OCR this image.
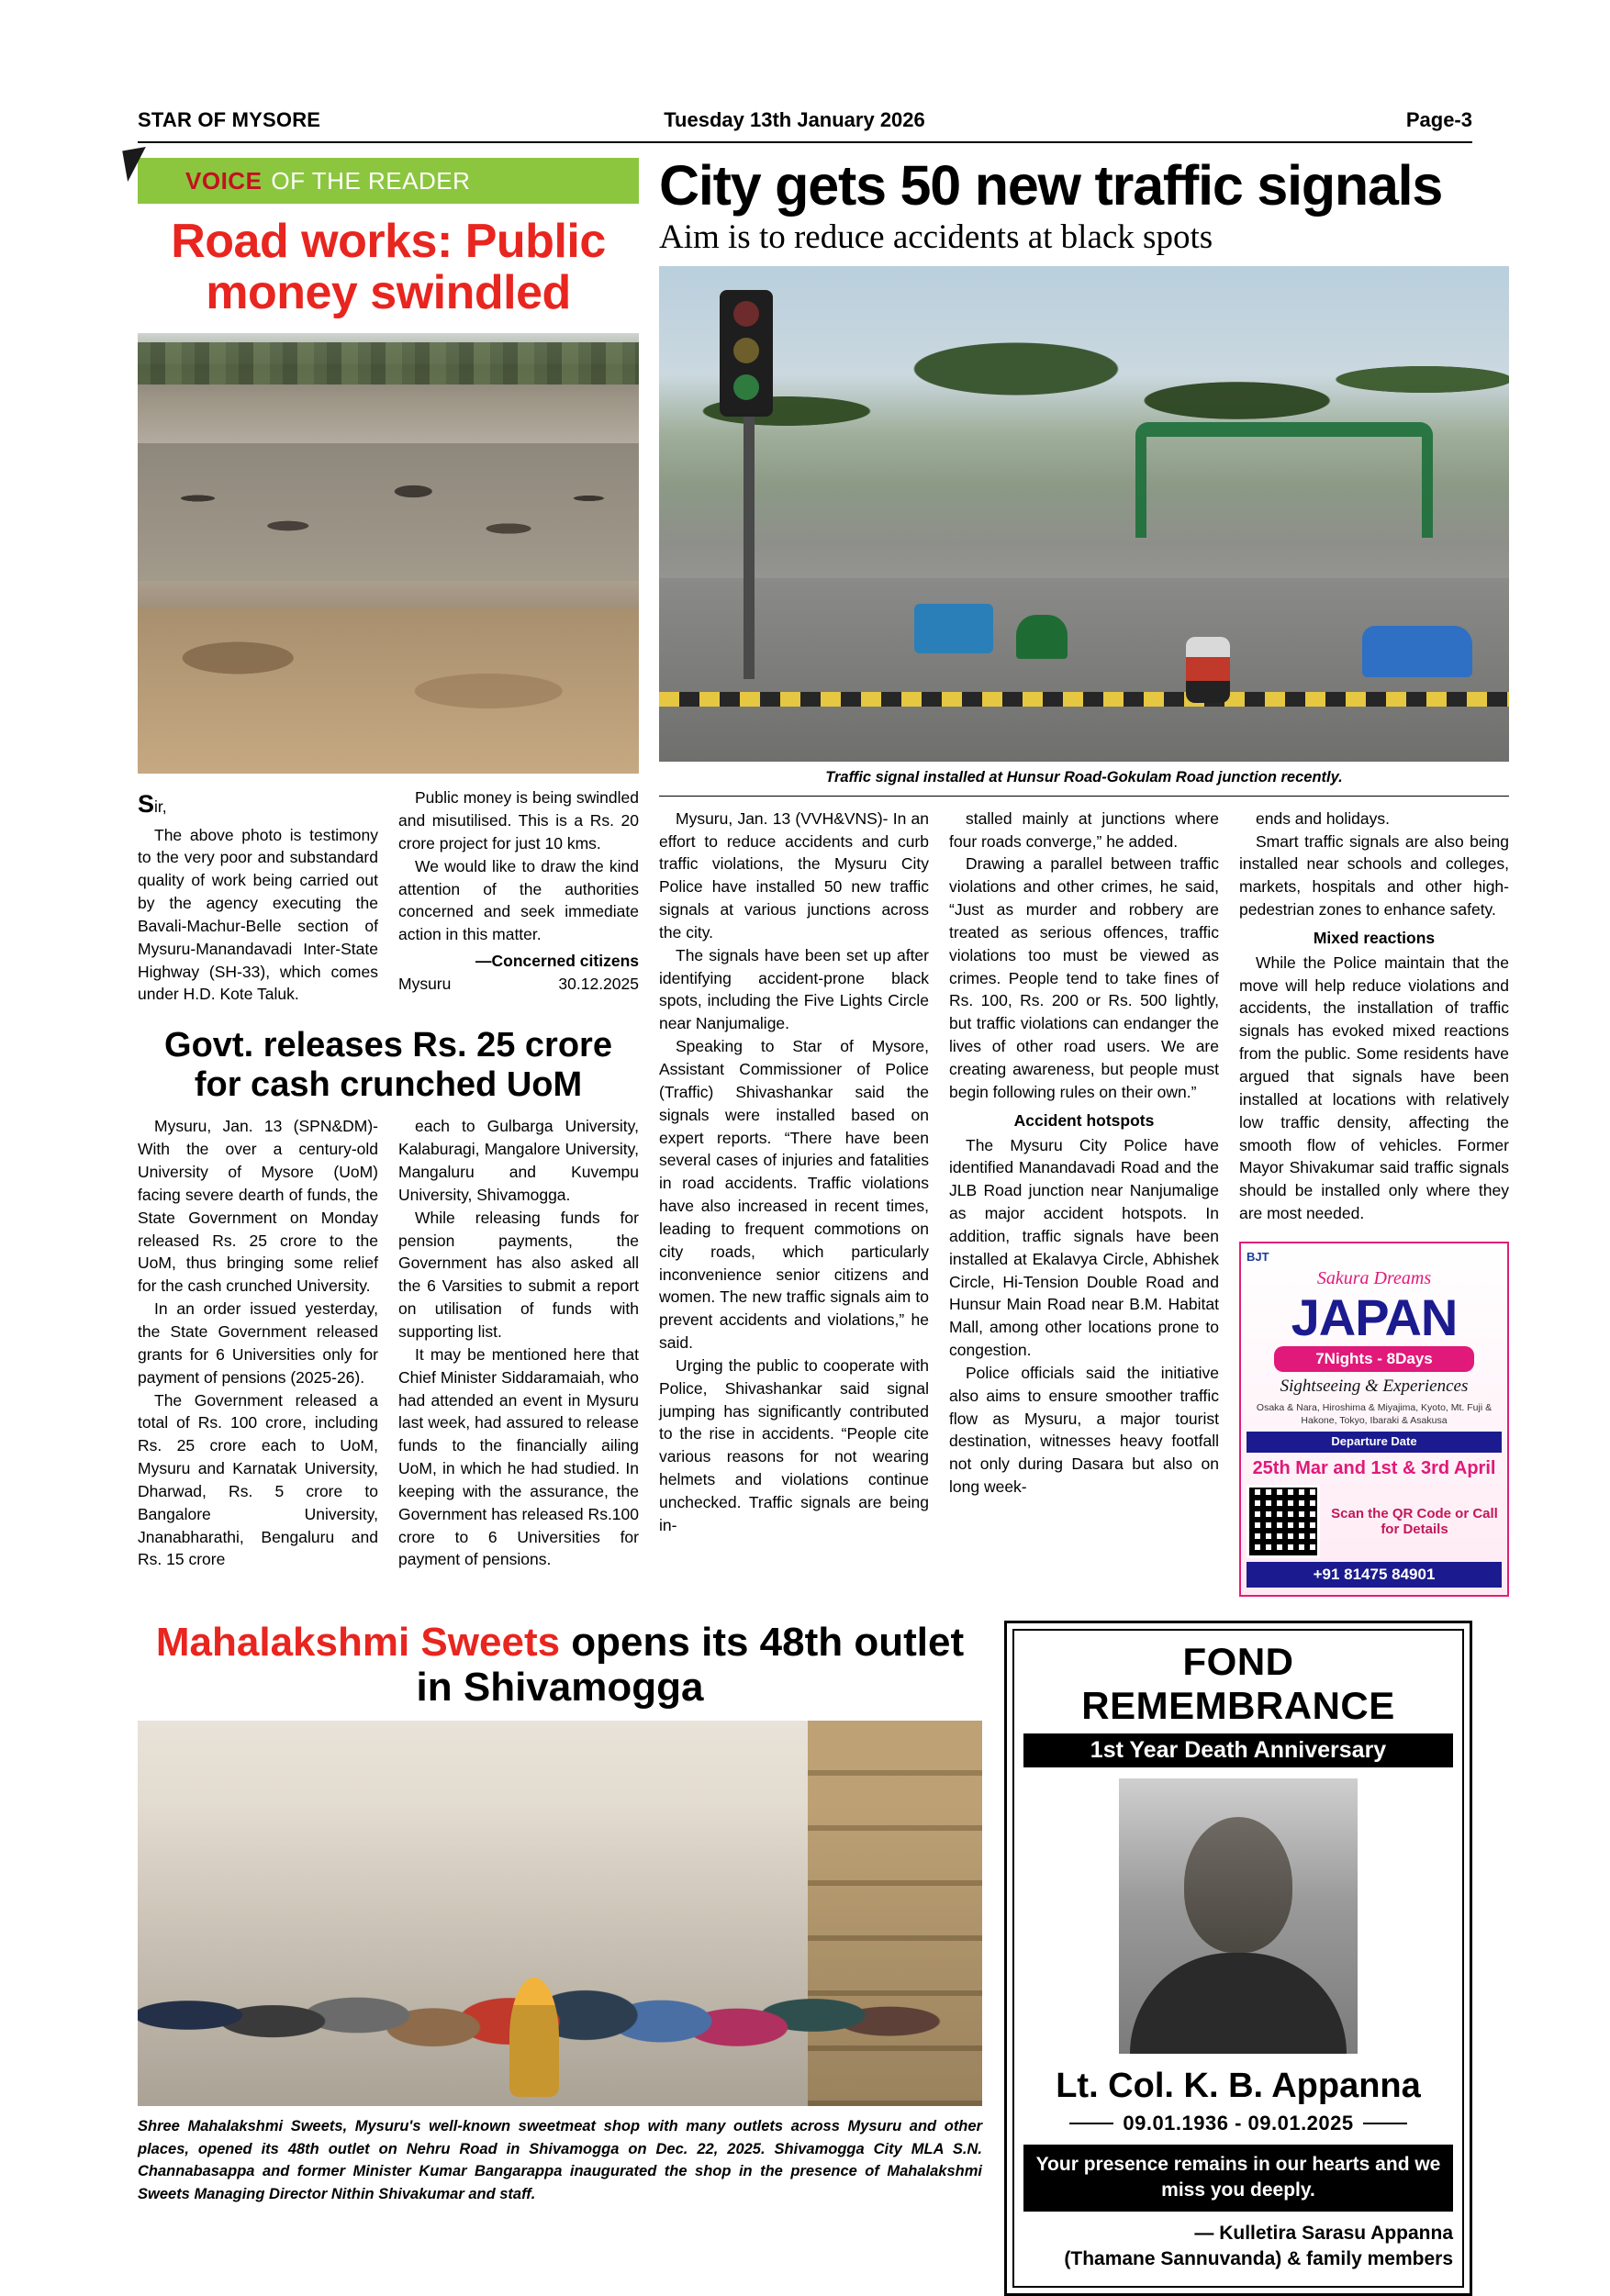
STAR OF MYSORE	Tuesday 13th January 2026	Page-3
VOICE OF THE READER
Road works: Public money swindled
Sir,

The above photo is testimony to the very poor and substandard quality of work being carried out by the agency executing the Bavali-Machur-Belle section of Mysuru-Manandavadi Inter-State Highway (SH-33), which comes under H.D. Kote Taluk.

Public money is being swindled and misutilised. This is a Rs. 20 crore project for just 10 kms.

We would like to draw the kind attention of the authorities concerned and seek immediate action in this matter.

—Concerned citizens
Mysuru	30.12.2025
Govt. releases Rs. 25 crore for cash crunched UoM

Mysuru, Jan. 13 (SPN&DM)- With the over a century-old University of Mysore (UoM) facing severe dearth of funds, the State Government on Monday released Rs. 25 crore to the UoM, thus bringing some relief for the cash crunched University.

In an order issued yesterday, the State Government released grants for 6 Universities only for payment of pensions (2025-26).

The Government released a total of Rs. 100 crore, including Rs. 25 crore each to UoM, Mysuru and Karnatak University, Dharwad, Rs. 5 crore to Bangalore University, Jnanabharathi, Bengaluru and Rs. 15 crore

each to Gulbarga University, Kalaburagi, Mangalore University, Mangaluru and Kuvempu University, Shivamogga.

While releasing funds for pension payments, the Government has also asked all the 6 Varsities to submit a report on utilisation of funds with supporting list.

It may be mentioned here that Chief Minister Siddaramaiah, who had attended an event in Mysuru last week, had assured to release funds to the financially ailing UoM, in which he had studied. In keeping with the assurance, the Government has released Rs.100 crore to 6 Universities for payment of pensions.

City gets 50 new traffic signals
Aim is to reduce accidents at black spots
Traffic signal installed at Hunsur Road-Gokulam Road junction recently.

Mysuru, Jan. 13 (VVH&VNS)- In an effort to reduce accidents and curb traffic violations, the Mysuru City Police have installed 50 new traffic signals at various junctions across the city.

The signals have been set up after identifying accident-prone black spots, including the Five Lights Circle near Nanjumalige.

Speaking to Star of Mysore, Assistant Commissioner of Police (Traffic) Shivashankar said the signals were installed based on expert reports. “There have been several cases of injuries and fatalities in road accidents. Traffic violations have also increased in recent times, leading to frequent commotions on city roads, which particularly inconvenience senior citizens and women. The new traffic signals aim to prevent accidents and violations,” he said.

Urging the public to cooperate with Police, Shivashankar said signal jumping has significantly contributed to the rise in accidents. “People cite various reasons for not wearing helmets and violations continue unchecked. Traffic signals are being in-

stalled mainly at junctions where four roads converge,” he added.

Drawing a parallel between traffic violations and other crimes, he said, “Just as murder and robbery are treated as serious offences, traffic violations too must be viewed as crimes. People tend to take fines of Rs. 100, Rs. 200 or Rs. 500 lightly, but traffic violations can endanger the lives of other road users. We are creating awareness, but people must begin following rules on their own.”

Accident hotspots

The Mysuru City Police have identified Manandavadi Road and the JLB Road junction near Nanjumalige as major accident hotspots. In addition, traffic signals have been installed at Ekalavya Circle, Abhishek Circle, Hi-Tension Double Road and Hunsur Main Road near B.M. Habitat Mall, among other locations prone to congestion.

Police officials said the initiative also aims to ensure smoother traffic flow as Mysuru, a major tourist destination, witnesses heavy footfall not only during Dasara but also on long week-

ends and holidays.

Smart traffic signals are also being installed near schools and colleges, markets, hospitals and other high-pedestrian zones to enhance safety.

Mixed reactions

While the Police maintain that the move will help reduce violations and accidents, the installation of traffic signals has evoked mixed reactions from the public. Some residents have argued that signals have been installed at locations with relatively low traffic density, affecting the smooth flow of vehicles. Former Mayor Shivakumar said traffic signals should be installed only where they are most needed.

BJT
Sakura Dreams
JAPAN
7Nights - 8Days
Sightseeing & Experiences
Osaka & Nara, Hiroshima & Miyajima, Kyoto, Mt. Fuji & Hakone, Tokyo, Ibaraki & Asakusa
Departure Date
25th Mar and 1st & 3rd April
Scan the QR Code or Call for Details
+91 81475 84901
Mahalakshmi Sweets opens its 48th outlet in Shivamogga
Shree Mahalakshmi Sweets, Mysuru's well-known sweetmeat shop with many outlets across Mysuru and other places, opened its 48th outlet on Nehru Road in Shivamogga on Dec. 22, 2025. Shivamogga City MLA S.N. Channabasappa and former Minister Kumar Bangarappa inaugurated the shop in the presence of Mahalakshmi Sweets Managing Director Nithin Shivakumar and staff.
FOND REMEMBRANCE
1st Year Death Anniversary
Lt. Col. K. B. Appanna
09.01.1936 - 09.01.2025
Your presence remains in our hearts and we miss you deeply.
— Kulletira Sarasu Appanna
(Thamane Sannuvanda) & family members
